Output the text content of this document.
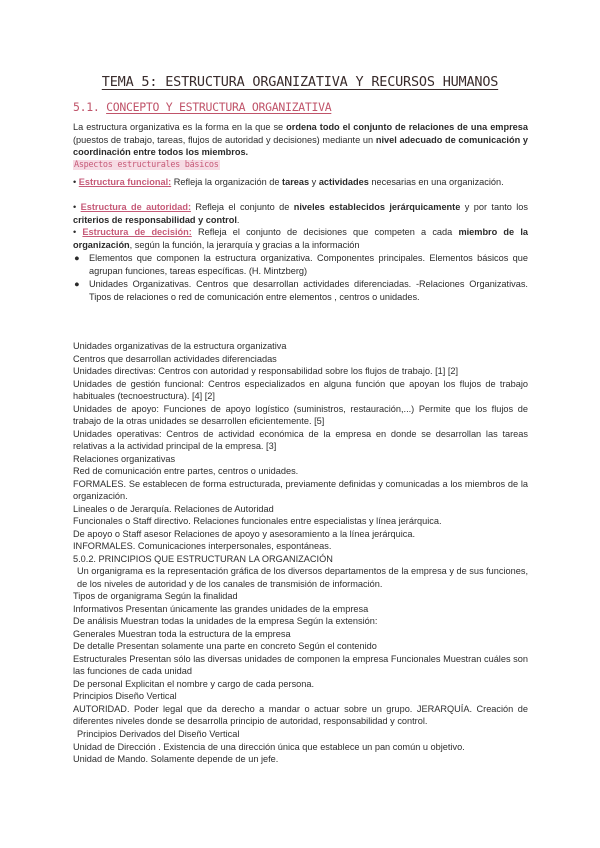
TEMA 5: ESTRUCTURA ORGANIZATIVA Y RECURSOS HUMANOS
5.1. CONCEPTO Y ESTRUCTURA ORGANIZATIVA

La estructura organizativa es la forma en la que se ordena todo el conjunto de relaciones de una empresa (puestos de trabajo, tareas, flujos de autoridad y decisiones) mediante un nivel adecuado de comunicación y coordinación entre todos los miembros.

Aspectos estructurales básicos

• Estructura funcional: Refleja la organización de tareas y actividades necesarias en una organización.

• Estructura de autoridad: Refleja el conjunto de niveles establecidos jerárquicamente y por tanto los criterios de responsabilidad y control.

• Estructura de decisión: Refleja el conjunto de decisiones que competen a cada miembro de la organización, según la función, la jerarquía y gracias a la información

● Elementos que componen la estructura organizativa. Componentes principales. Elementos básicos que agrupan funciones, tareas específicas. (H. Mintzberg)

● Unidades Organizativas. Centros que desarrollan actividades diferenciadas. -Relaciones Organizativas. Tipos de relaciones o red de comunicación entre elementos , centros o unidades.

Unidades organizativas de la estructura organizativa

Centros que desarrollan actividades diferenciadas

Unidades directivas: Centros con autoridad y responsabilidad sobre los flujos de trabajo. [1] [2]

Unidades de gestión funcional: Centros especializados en alguna función que apoyan los flujos de trabajo habituales (tecnoestructura). [4] [2]

Unidades de apoyo: Funciones de apoyo logístico (suministros, restauración,...) Permite que los flujos de trabajo de la otras unidades se desarrollen eficientemente. [5]

Unidades operativas: Centros de actividad económica de la empresa en donde se desarrollan las tareas relativas a la actividad principal de la empresa. [3]

Relaciones organizativas

Red de comunicación entre partes, centros o unidades.

FORMALES. Se establecen de forma estructurada, previamente definidas y comunicadas a los miembros de la organización.

Lineales o de Jerarquía. Relaciones de Autoridad

Funcionales o Staff directivo. Relaciones funcionales entre especialistas y línea jerárquica.

De apoyo o Staff asesor Relaciones de apoyo y asesoramiento a la línea jerárquica.

INFORMALES. Comunicaciones interpersonales, espontáneas.

5.0.2. PRINCIPIOS QUE ESTRUCTURAN LA ORGANIZACIÓN

Un organigrama es la representación gráfica de los diversos departamentos de la empresa y de sus funciones, de los niveles de autoridad y de los canales de transmisión de información.

Tipos de organigrama Según la finalidad

Informativos Presentan únicamente las grandes unidades de la empresa

De análisis Muestran todas la unidades de la empresa Según la extensión:

Generales Muestran toda la estructura de la empresa

De detalle Presentan solamente una parte en concreto Según el contenido

Estructurales Presentan sólo las diversas unidades de componen la empresa Funcionales Muestran cuáles son las funciones de cada unidad

De personal Explicitan el nombre y cargo de cada persona.

Principios Diseño Vertical

AUTORIDAD. Poder legal que da derecho a mandar o actuar sobre un grupo. JERARQUÍA. Creación de diferentes niveles donde se desarrolla principio de autoridad, responsabilidad y control.

Principios Derivados del Diseño Vertical

Unidad de Dirección . Existencia de una dirección única que establece un pan común u objetivo.

Unidad de Mando. Solamente depende de un jefe.
